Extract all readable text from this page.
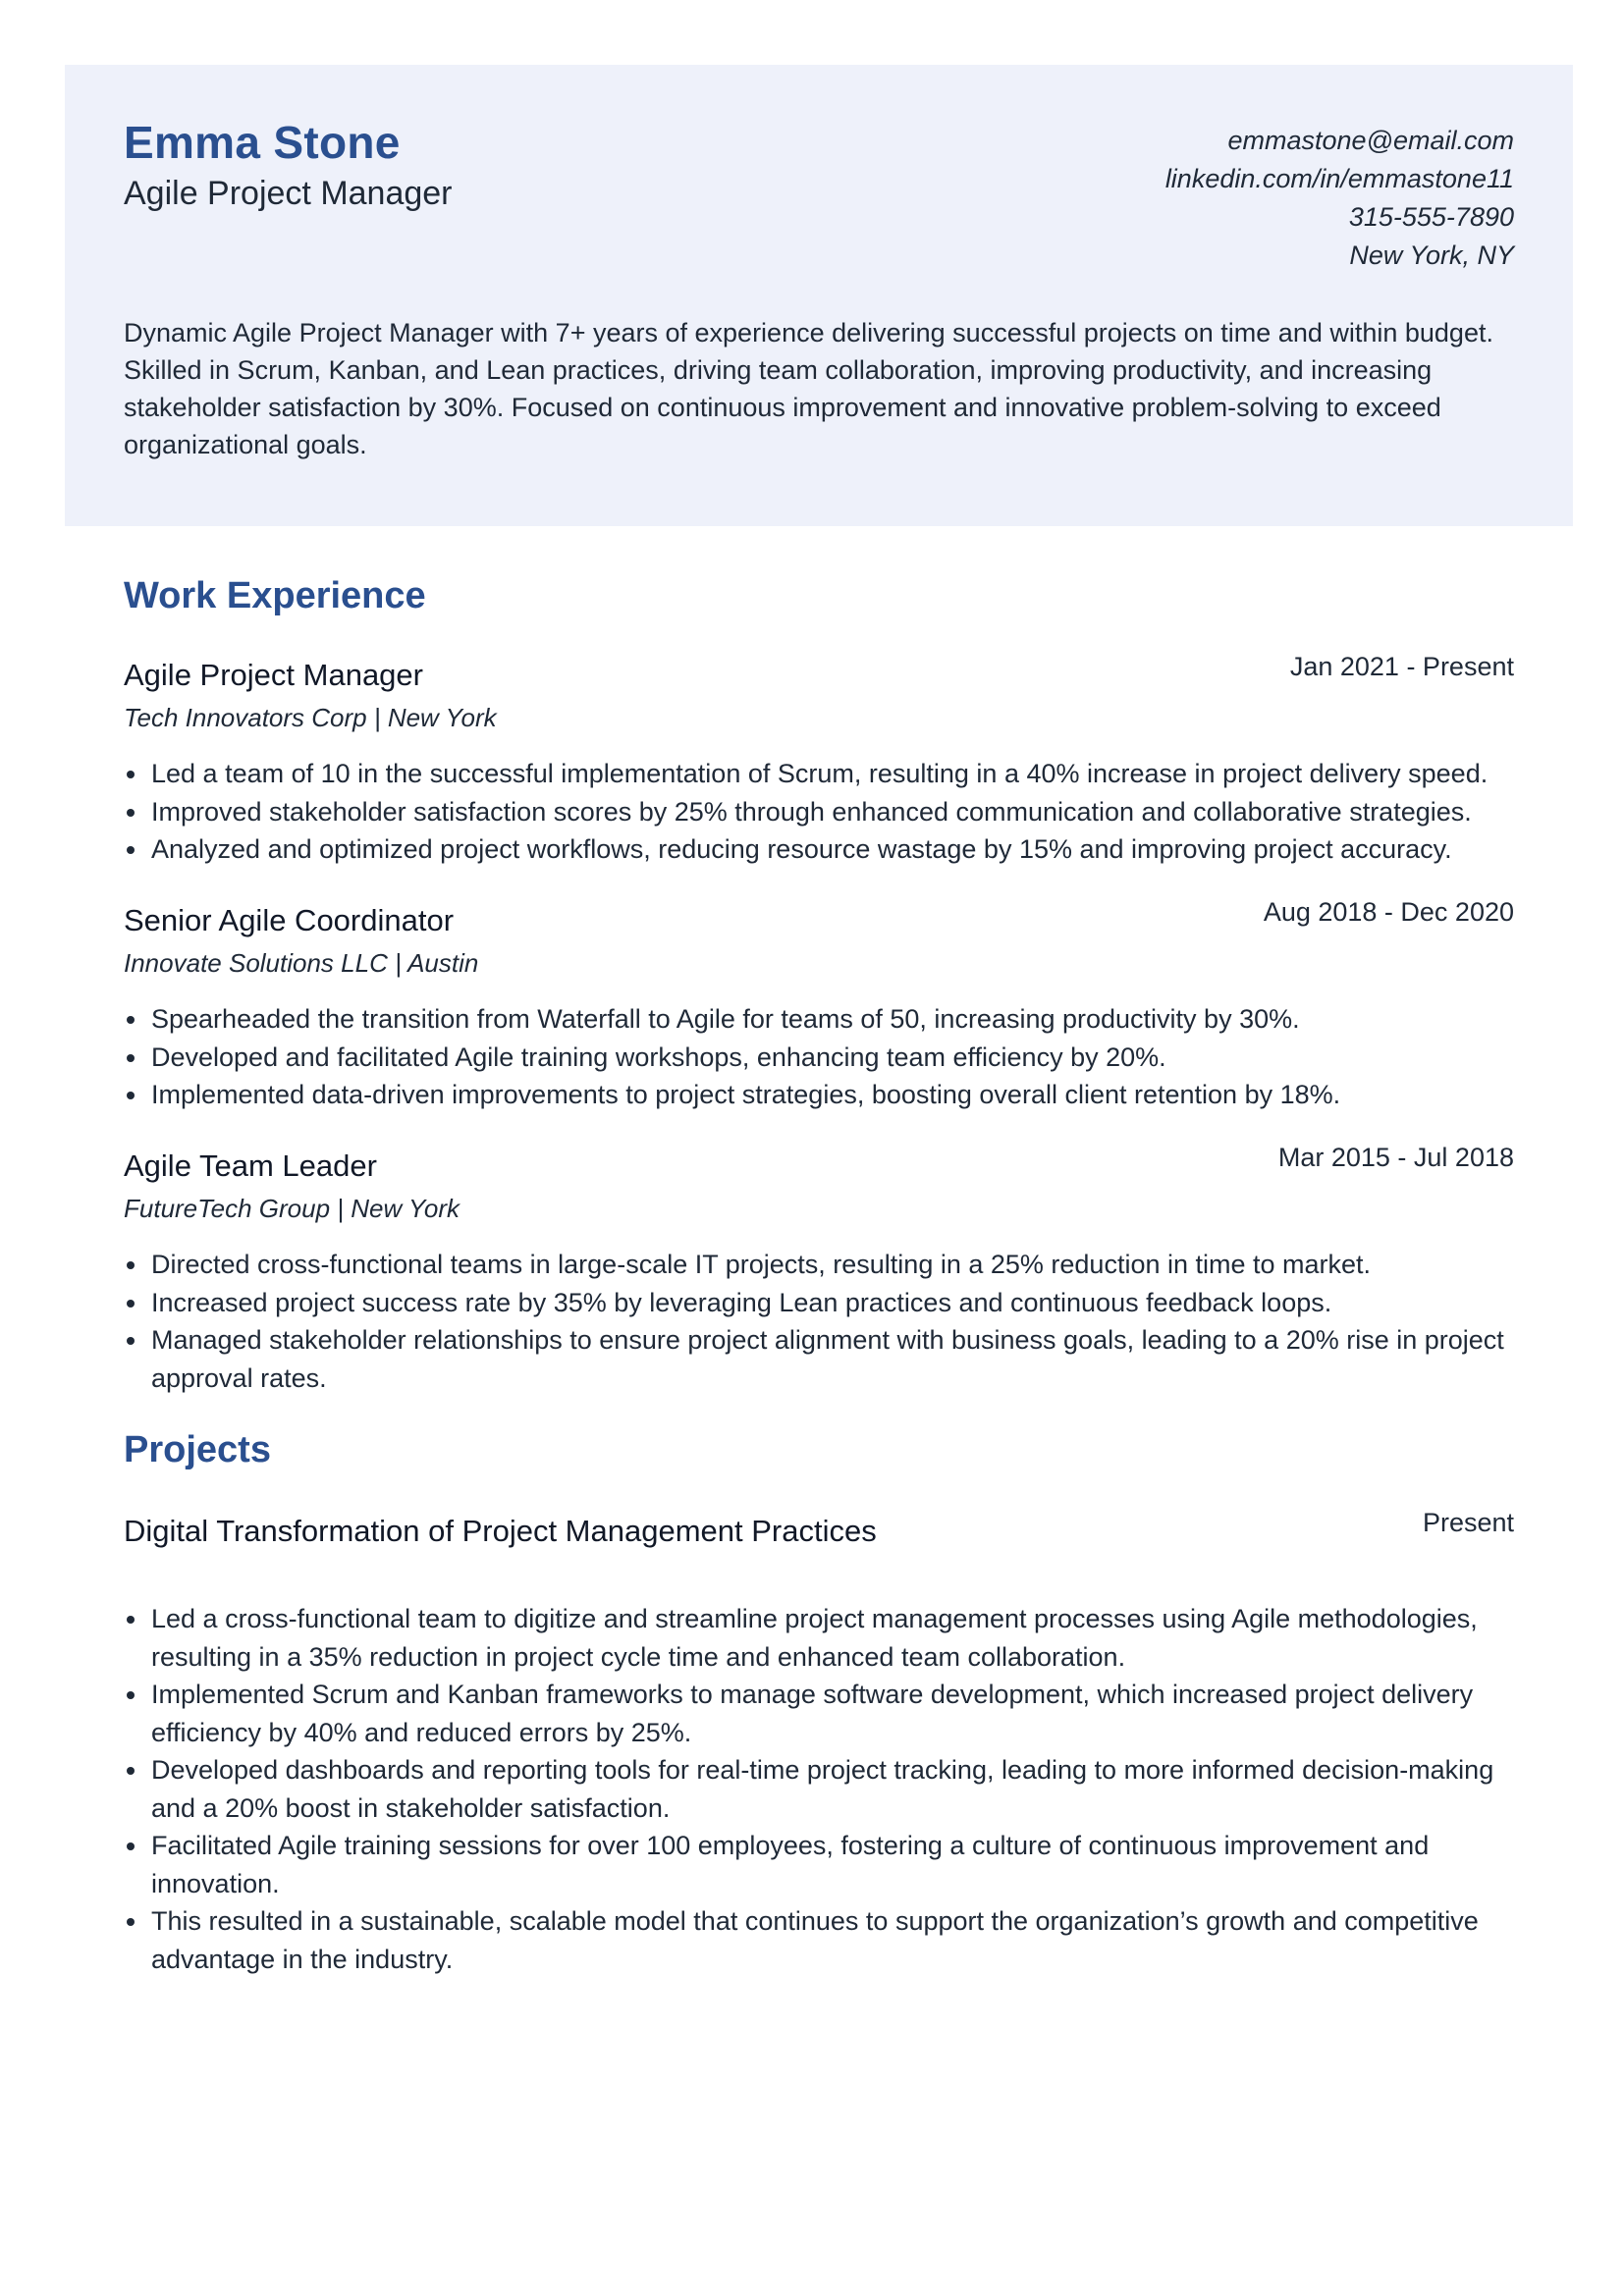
Emma Stone
Agile Project Manager
emmastone@email.com
linkedin.com/in/emmastone11
315-555-7890
New York, NY
Dynamic Agile Project Manager with 7+ years of experience delivering successful projects on time and within budget. Skilled in Scrum, Kanban, and Lean practices, driving team collaboration, improving productivity, and increasing stakeholder satisfaction by 30%. Focused on continuous improvement and innovative problem-solving to exceed organizational goals.
Work Experience
Agile Project Manager	Jan 2021 - Present
Tech Innovators Corp | New York
• Led a team of 10 in the successful implementation of Scrum, resulting in a 40% increase in project delivery speed.
• Improved stakeholder satisfaction scores by 25% through enhanced communication and collaborative strategies.
• Analyzed and optimized project workflows, reducing resource wastage by 15% and improving project accuracy.
Senior Agile Coordinator	Aug 2018 - Dec 2020
Innovate Solutions LLC | Austin
• Spearheaded the transition from Waterfall to Agile for teams of 50, increasing productivity by 30%.
• Developed and facilitated Agile training workshops, enhancing team efficiency by 20%.
• Implemented data-driven improvements to project strategies, boosting overall client retention by 18%.
Agile Team Leader	Mar 2015 - Jul 2018
FutureTech Group | New York
• Directed cross-functional teams in large-scale IT projects, resulting in a 25% reduction in time to market.
• Increased project success rate by 35% by leveraging Lean practices and continuous feedback loops.
• Managed stakeholder relationships to ensure project alignment with business goals, leading to a 20% rise in project approval rates.
Projects
Digital Transformation of Project Management Practices	Present
• Led a cross-functional team to digitize and streamline project management processes using Agile methodologies, resulting in a 35% reduction in project cycle time and enhanced team collaboration.
• Implemented Scrum and Kanban frameworks to manage software development, which increased project delivery efficiency by 40% and reduced errors by 25%.
• Developed dashboards and reporting tools for real-time project tracking, leading to more informed decision-making and a 20% boost in stakeholder satisfaction.
• Facilitated Agile training sessions for over 100 employees, fostering a culture of continuous improvement and innovation.
• This resulted in a sustainable, scalable model that continues to support the organization’s growth and competitive advantage in the industry.
